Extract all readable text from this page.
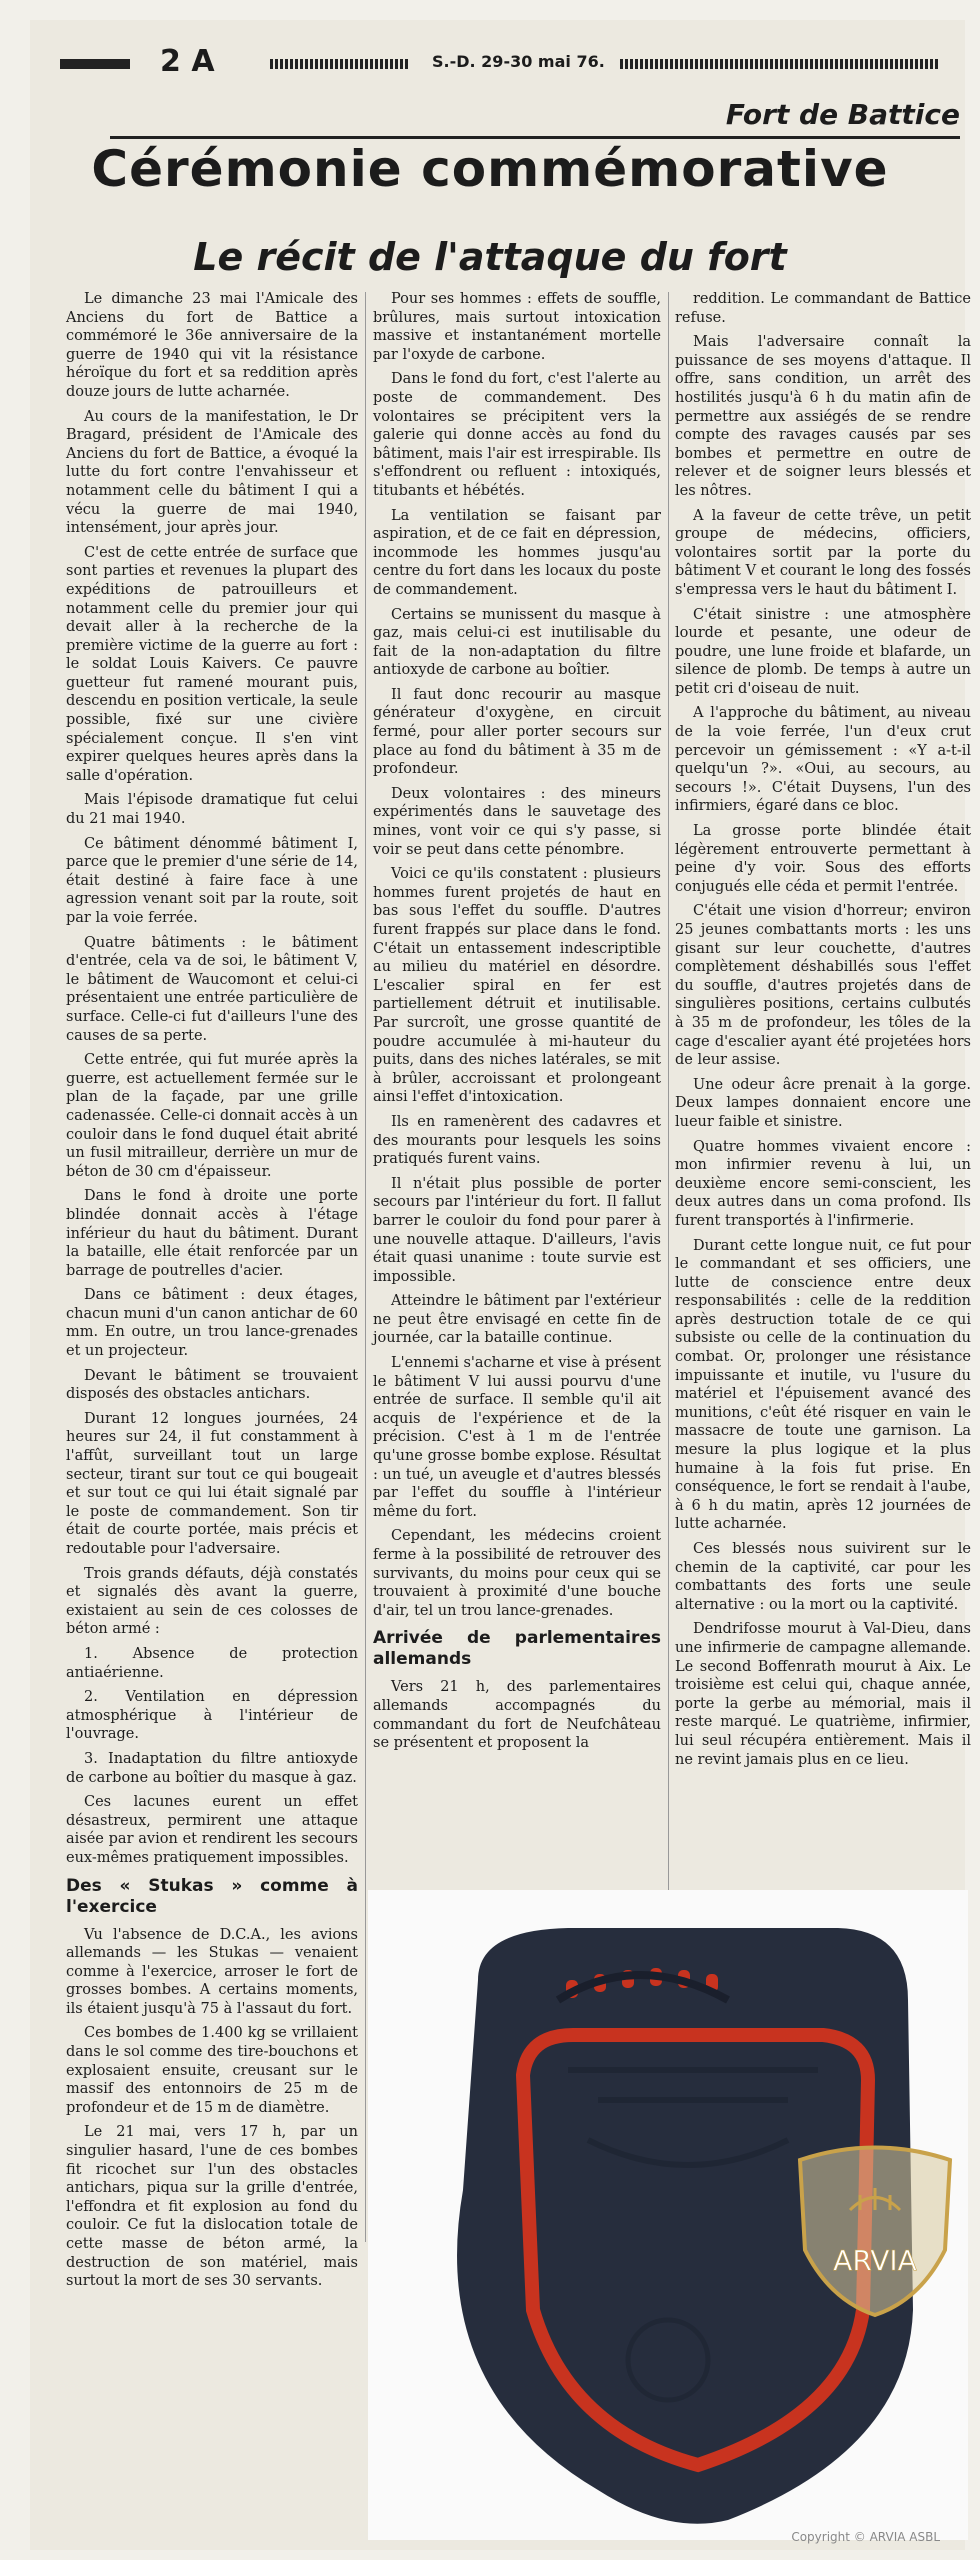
2 A	S.-D. 29-30 mai 76.
Fort de Battice
Cérémonie commémorative
Le récit de l'attaque du fort

Le dimanche 23 mai l'Amicale des Anciens du fort de Battice a commémoré le 36e anniversaire de la guerre de 1940 qui vit la résistance héroïque du fort et sa reddition après douze jours de lutte acharnée.

Au cours de la manifestation, le Dr Bragard, président de l'Amicale des Anciens du fort de Battice, a évoqué la lutte du fort contre l'envahisseur et notamment celle du bâtiment I qui a vécu la guerre de mai 1940, intensément, jour après jour.

C'est de cette entrée de surface que sont parties et revenues la plupart des expéditions de patrouilleurs et notamment celle du premier jour qui devait aller à la recherche de la première victime de la guerre au fort : le soldat Louis Kaivers. Ce pauvre guetteur fut ramené mourant puis, descendu en position verticale, la seule possible, fixé sur une civière spécialement conçue. Il s'en vint expirer quelques heures après dans la salle d'opération.

Mais l'épisode dramatique fut celui du 21 mai 1940.

Ce bâtiment dénommé bâtiment I, parce que le premier d'une série de 14, était destiné à faire face à une agression venant soit par la route, soit par la voie ferrée.

Quatre bâtiments : le bâtiment d'entrée, cela va de soi, le bâtiment V, le bâtiment de Waucomont et celui-ci présentaient une entrée particulière de surface. Celle-ci fut d'ailleurs l'une des causes de sa perte.

Cette entrée, qui fut murée après la guerre, est actuellement fermée sur le plan de la façade, par une grille cadenassée. Celle-ci donnait accès à un couloir dans le fond duquel était abrité un fusil mitrailleur, derrière un mur de béton de 30 cm d'épaisseur.

Dans le fond à droite une porte blindée donnait accès à l'étage inférieur du haut du bâtiment. Durant la bataille, elle était renforcée par un barrage de poutrelles d'acier.

Dans ce bâtiment : deux étages, chacun muni d'un canon antichar de 60 mm. En outre, un trou lance-grenades et un projecteur.

Devant le bâtiment se trouvaient disposés des obstacles antichars.

Durant 12 longues journées, 24 heures sur 24, il fut constamment à l'affût, surveillant tout un large secteur, tirant sur tout ce qui bougeait et sur tout ce qui lui était signalé par le poste de commandement. Son tir était de courte portée, mais précis et redoutable pour l'adversaire.

Trois grands défauts, déjà constatés et signalés dès avant la guerre, existaient au sein de ces colosses de béton armé :

1. Absence de protection antiaérienne.

2. Ventilation en dépression atmosphérique à l'intérieur de l'ouvrage.

3. Inadaptation du filtre antioxyde de carbone au boîtier du masque à gaz.

Ces lacunes eurent un effet désastreux, permirent une attaque aisée par avion et rendirent les secours eux-mêmes pratiquement impossibles.

Des « Stukas » comme à l'exercice

Vu l'absence de D.C.A., les avions allemands — les Stukas — venaient comme à l'exercice, arroser le fort de grosses bombes. A certains moments, ils étaient jusqu'à 75 à l'assaut du fort.

Ces bombes de 1.400 kg se vrillaient dans le sol comme des tire-bouchons et explosaient ensuite, creusant sur le massif des entonnoirs de 25 m de profondeur et de 15 m de diamètre.

Le 21 mai, vers 17 h, par un singulier hasard, l'une de ces bombes fit ricochet sur l'un des obstacles antichars, piqua sur la grille d'entrée, l'effondra et fit explosion au fond du couloir. Ce fut la dislocation totale de cette masse de béton armé, la destruction de son matériel, mais surtout la mort de ses 30 servants.

Pour ses hommes : effets de souffle, brûlures, mais surtout intoxication massive et instantanément mortelle par l'oxyde de carbone.

Dans le fond du fort, c'est l'alerte au poste de commandement. Des volontaires se précipitent vers la galerie qui donne accès au fond du bâtiment, mais l'air est irrespirable. Ils s'effondrent ou refluent : intoxiqués, titubants et hébétés.

La ventilation se faisant par aspiration, et de ce fait en dépression, incommode les hommes jusqu'au centre du fort dans les locaux du poste de commandement.

Certains se munissent du masque à gaz, mais celui-ci est inutilisable du fait de la non-adaptation du filtre antioxyde de carbone au boîtier.

Il faut donc recourir au masque générateur d'oxygène, en circuit fermé, pour aller porter secours sur place au fond du bâtiment à 35 m de profondeur.

Deux volontaires : des mineurs expérimentés dans le sauvetage des mines, vont voir ce qui s'y passe, si voir se peut dans cette pénombre.

Voici ce qu'ils constatent : plusieurs hommes furent projetés de haut en bas sous l'effet du souffle. D'autres furent frappés sur place dans le fond. C'était un entassement indescriptible au milieu du matériel en désordre. L'escalier spiral en fer est partiellement détruit et inutilisable. Par surcroît, une grosse quantité de poudre accumulée à mi-hauteur du puits, dans des niches latérales, se mit à brûler, accroissant et prolongeant ainsi l'effet d'intoxication.

Ils en ramenèrent des cadavres et des mourants pour lesquels les soins pratiqués furent vains.

Il n'était plus possible de porter secours par l'intérieur du fort. Il fallut barrer le couloir du fond pour parer à une nouvelle attaque. D'ailleurs, l'avis était quasi unanime : toute survie est impossible.

Atteindre le bâtiment par l'extérieur ne peut être envisagé en cette fin de journée, car la bataille continue.

L'ennemi s'acharne et vise à présent le bâtiment V lui aussi pourvu d'une entrée de surface. Il semble qu'il ait acquis de l'expérience et de la précision. C'est à 1 m de l'entrée qu'une grosse bombe explose. Résultat : un tué, un aveugle et d'autres blessés par l'effet du souffle à l'intérieur même du fort.

Cependant, les médecins croient ferme à la possibilité de retrouver des survivants, du moins pour ceux qui se trouvaient à proximité d'une bouche d'air, tel un trou lance-grenades.

Arrivée de parlementaires allemands

Vers 21 h, des parlementaires allemands accompagnés du commandant du fort de Neufchâteau se présentent et proposent la

reddition. Le commandant de Battice refuse.

Mais l'adversaire connaît la puissance de ses moyens d'attaque. Il offre, sans condition, un arrêt des hostilités jusqu'à 6 h du matin afin de permettre aux assiégés de se rendre compte des ravages causés par ses bombes et permettre en outre de relever et de soigner leurs blessés et les nôtres.

A la faveur de cette trêve, un petit groupe de médecins, officiers, volontaires sortit par la porte du bâtiment V et courant le long des fossés s'empressa vers le haut du bâtiment I.

C'était sinistre : une atmosphère lourde et pesante, une odeur de poudre, une lune froide et blafarde, un silence de plomb. De temps à autre un petit cri d'oiseau de nuit.

A l'approche du bâtiment, au niveau de la voie ferrée, l'un d'eux crut percevoir un gémissement : «Y a-t-il quelqu'un ?». «Oui, au secours, au secours !». C'était Duysens, l'un des infirmiers, égaré dans ce bloc.

La grosse porte blindée était légèrement entrouverte permettant à peine d'y voir. Sous des efforts conjugués elle céda et permit l'entrée.

C'était une vision d'horreur; environ 25 jeunes combattants morts : les uns gisant sur leur couchette, d'autres complètement déshabillés sous l'effet du souffle, d'autres projetés dans de singulières positions, certains culbutés à 35 m de profondeur, les tôles de la cage d'escalier ayant été projetées hors de leur assise.

Une odeur âcre prenait à la gorge. Deux lampes donnaient encore une lueur faible et sinistre.

Quatre hommes vivaient encore : mon infirmier revenu à lui, un deuxième encore semi-conscient, les deux autres dans un coma profond. Ils furent transportés à l'infirmerie.

Durant cette longue nuit, ce fut pour le commandant et ses officiers, une lutte de conscience entre deux responsabilités : celle de la reddition après destruction totale de ce qui subsiste ou celle de la continuation du combat. Or, prolonger une résistance impuissante et inutile, vu l'usure du matériel et l'épuisement avancé des munitions, c'eût été risquer en vain le massacre de toute une garnison. La mesure la plus logique et la plus humaine à la fois fut prise. En conséquence, le fort se rendait à l'aube, à 6 h du matin, après 12 journées de lutte acharnée.

Ces blessés nous suivirent sur le chemin de la captivité, car pour les combattants des forts une seule alternative : ou la mort ou la captivité.

Dendrifosse mourut à Val-Dieu, dans une infirmerie de campagne allemande. Le second Boffenrath mourut à Aix. Le troisième est celui qui, chaque année, porte la gerbe au mémorial, mais il reste marqué. Le quatrième, infirmier, lui seul récupéra entièrement. Mais il ne revint jamais plus en ce lieu.

ARVIA
Copyright © ARVIA ASBL
